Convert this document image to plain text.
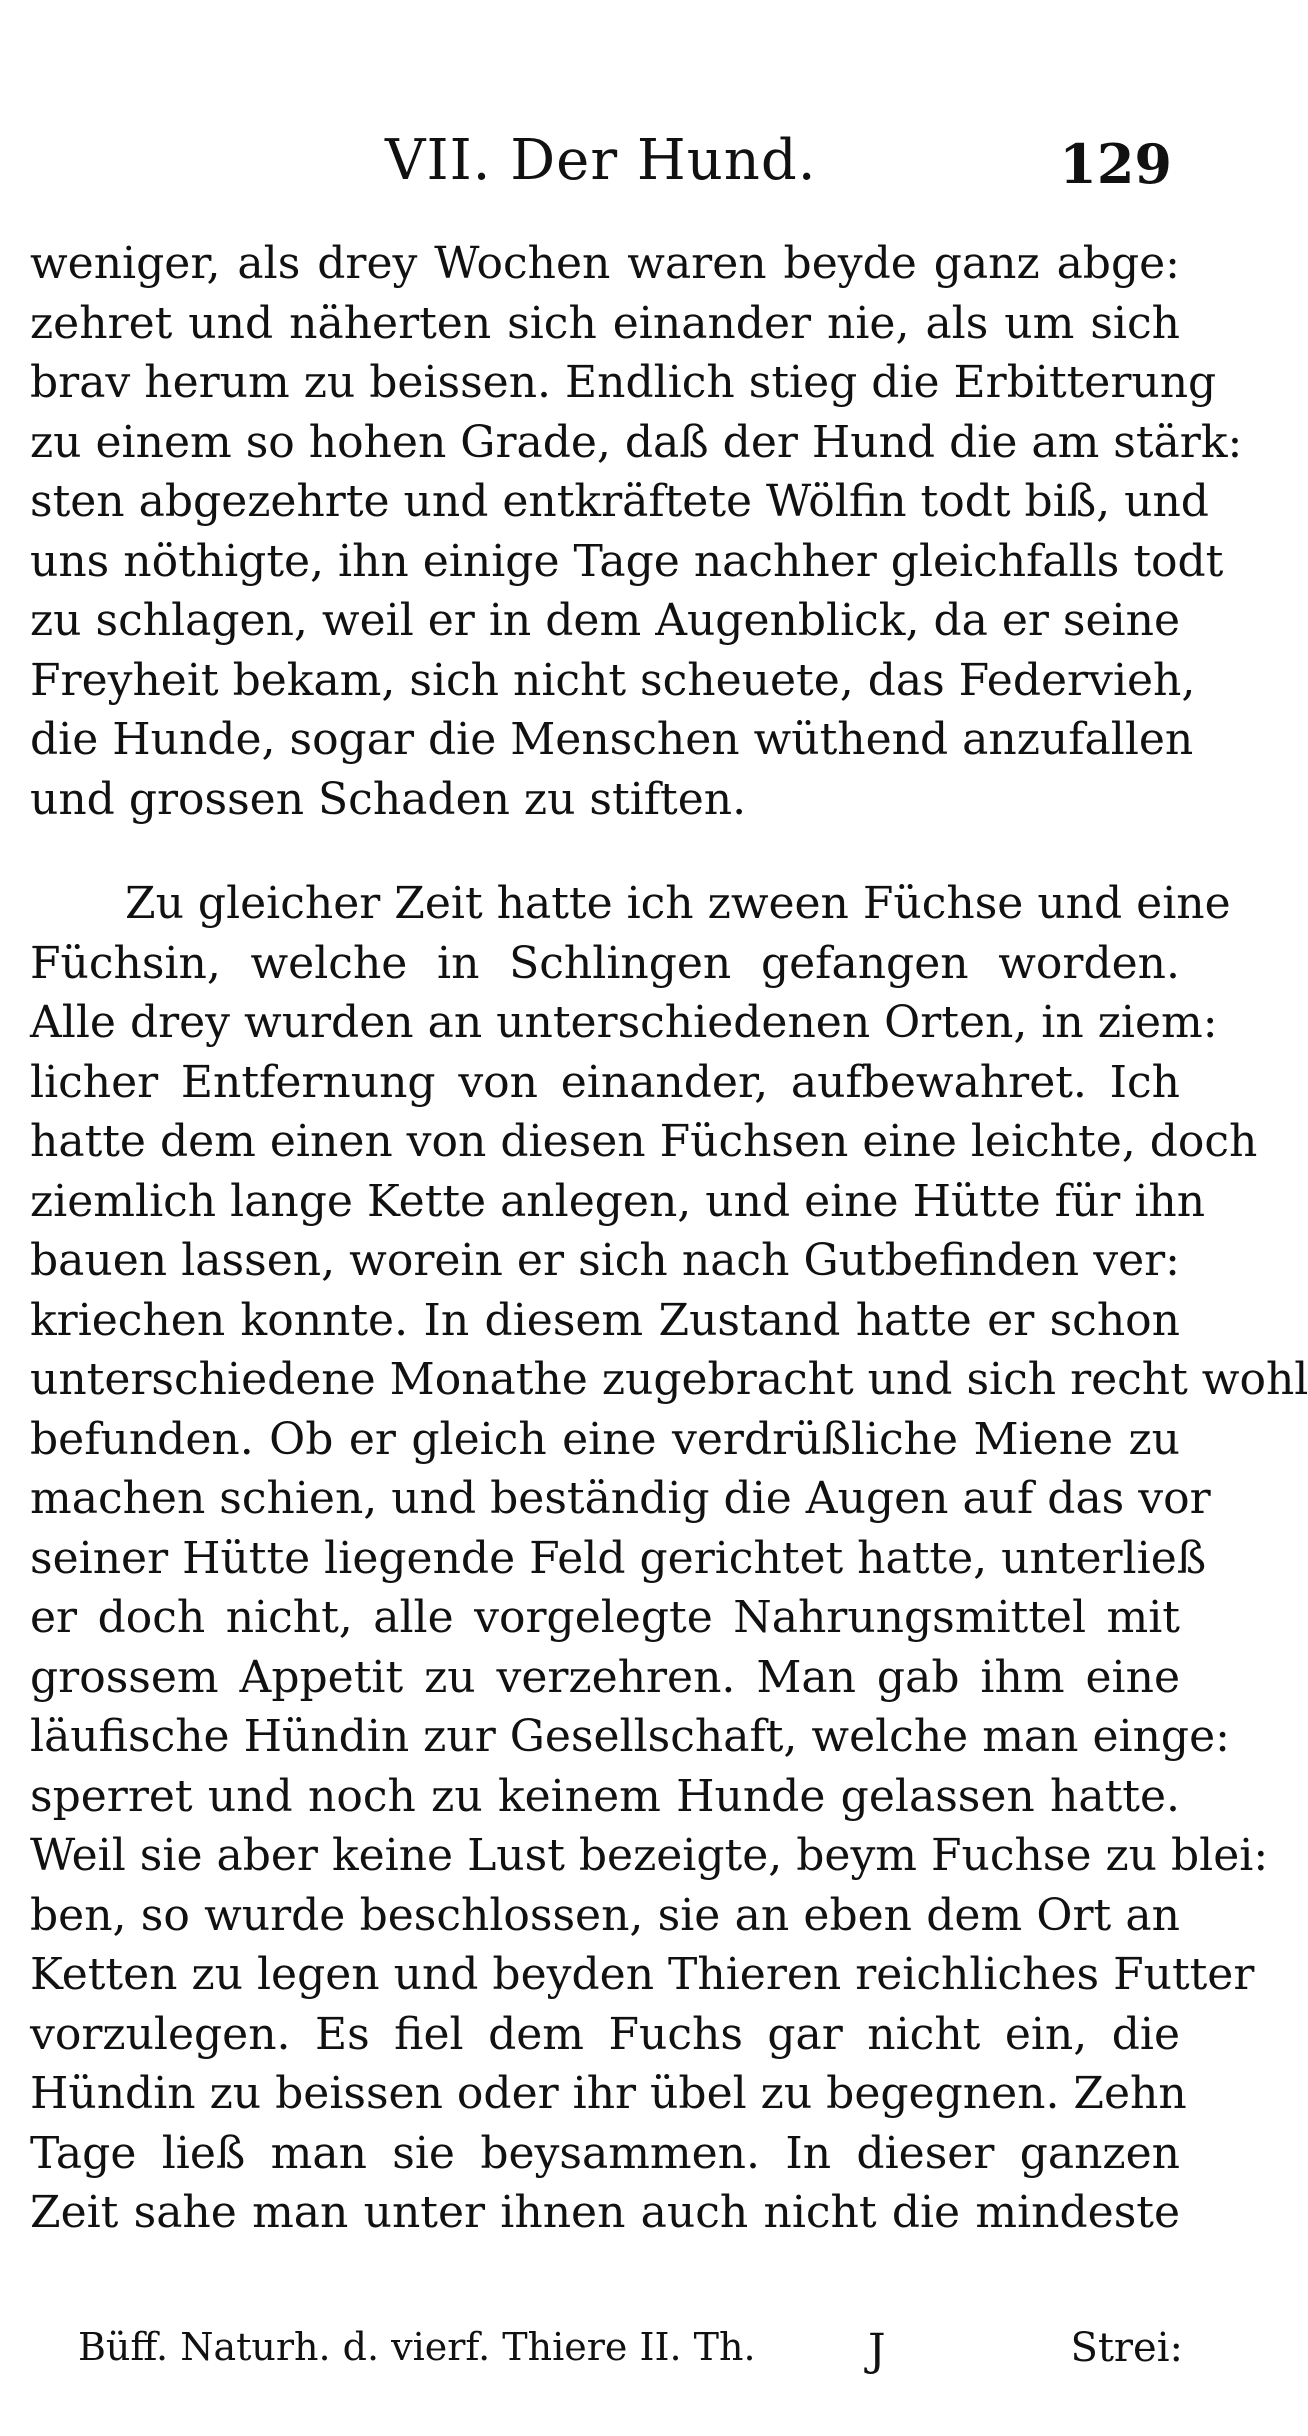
VII. Der Hund.	129
weniger, als drey Wochen waren beyde ganz abge:
zehret und näherten sich einander nie, als um sich
brav herum zu beissen. Endlich stieg die Erbitterung
zu einem so hohen Grade, daß der Hund die am stärk:
sten abgezehrte und entkräftete Wölfin todt biß, und
uns nöthigte, ihn einige Tage nachher gleichfalls todt
zu schlagen, weil er in dem Augenblick, da er seine
Freyheit bekam, sich nicht scheuete, das Federvieh,
die Hunde, sogar die Menschen wüthend anzufallen
und grossen Schaden zu stiften.
Zu gleicher Zeit hatte ich zween Füchse und eine
Füchsin, welche in Schlingen gefangen worden.
Alle drey wurden an unterschiedenen Orten, in ziem:
licher Entfernung von einander, aufbewahret. Ich
hatte dem einen von diesen Füchsen eine leichte, doch
ziemlich lange Kette anlegen, und eine Hütte für ihn
bauen lassen, worein er sich nach Gutbefinden ver:
kriechen konnte. In diesem Zustand hatte er schon
unterschiedene Monathe zugebracht und sich recht wohl
befunden. Ob er gleich eine verdrüßliche Miene zu
machen schien, und beständig die Augen auf das vor
seiner Hütte liegende Feld gerichtet hatte, unterließ
er doch nicht, alle vorgelegte Nahrungsmittel mit
grossem Appetit zu verzehren. Man gab ihm eine
läufische Hündin zur Gesellschaft, welche man einge:
sperret und noch zu keinem Hunde gelassen hatte.
Weil sie aber keine Lust bezeigte, beym Fuchse zu blei:
ben, so wurde beschlossen, sie an eben dem Ort an
Ketten zu legen und beyden Thieren reichliches Futter
vorzulegen. Es fiel dem Fuchs gar nicht ein, die
Hündin zu beissen oder ihr übel zu begegnen. Zehn
Tage ließ man sie beysammen. In dieser ganzen
Zeit sahe man unter ihnen auch nicht die mindeste
Büff. Naturh. d. vierf. Thiere II. Th.	J	Strei:
